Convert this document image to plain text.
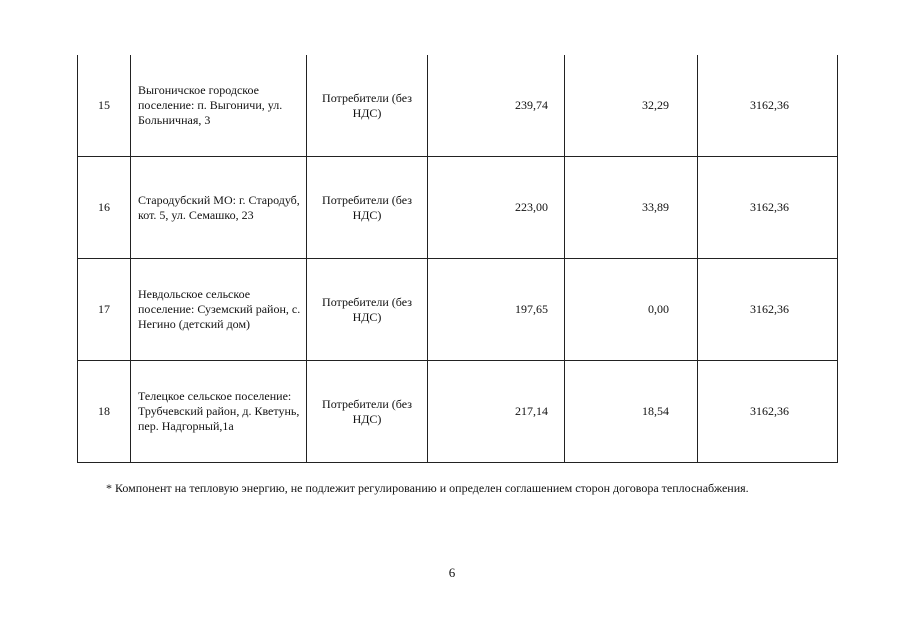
15	Выгоничское городское поселение: п. Выгоничи, ул. Больничная, 3	Потребители (без НДС)	239,74	32,29	3162,36

16	Стародубский МО: г. Стародуб, кот. 5, ул. Семашко, 23	Потребители (без НДС)	223,00	33,89	3162,36

17	Невдольское сельское поселение: Суземский район, с. Негино (детский дом)	Потребители (без НДС)	197,65	0,00	3162,36

18	Телецкое сельское поселение: Трубчевский район, д. Кветунь, пер. Надгорный,1а	Потребители (без НДС)	217,14	18,54	3162,36
* Компонент на тепловую энергию, не подлежит регулированию и определен соглашением сторон договора теплоснабжения.
6
